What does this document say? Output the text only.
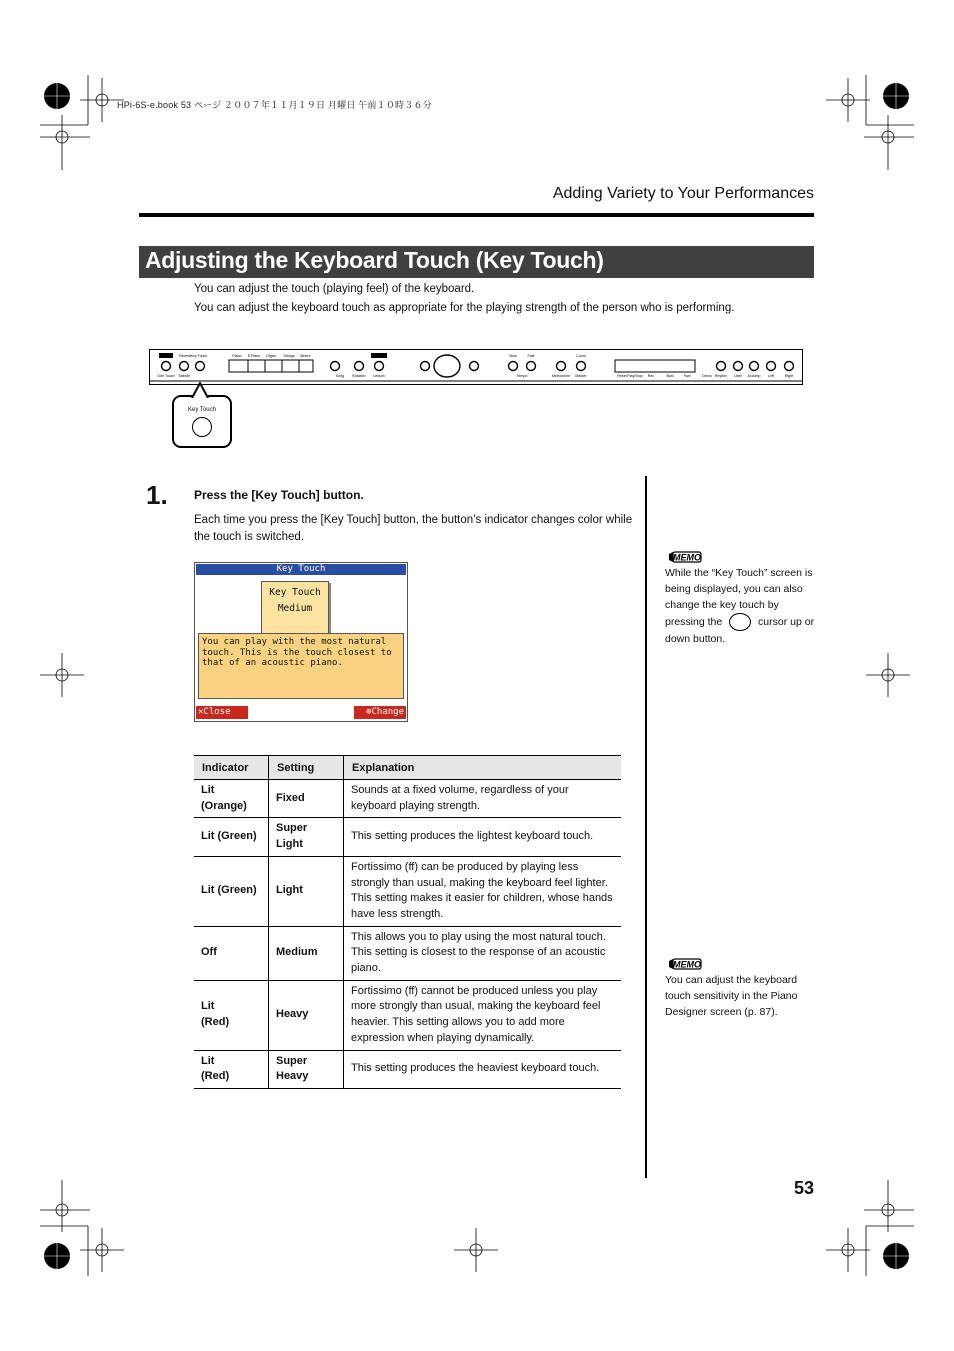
HPi-6S-e.book 53 ページ ２００７年１１月１９日 月曜日 午前１０時３６分
Adding Variety to Your Performances
Adjusting the Keyboard Touch (Key Touch)
You can adjust the touch (playing feel) of the keyboard.
You can adjust the keyboard touch as appropriate for the playing strength of the person who is performing.
Reverb Key Touch	Piano E.Piano Organ Strings Others	Slow	Fast	Count
One Touch Twinkle	Song Rotation Lesson	Tempo	Metronome Marker	Reset Play/Stop Rec	Bwd	Fwd	Rhythm User Accomp Left	Right
Demo
Key Touch
1. Press the [Key Touch] button.
Each time you press the [Key Touch] button, the button’s indicator changes color while the touch is switched.
Key Touch
Key Touch
Medium
You can play with the most natural touch. This is the touch closest to that of an acoustic piano.
✕Close	⊕Change
Indicator	Setting	Explanation
Lit
(Orange)	Fixed	Sounds at a fixed volume, regardless of your keyboard playing strength.
Lit (Green)	Super Light	This setting produces the lightest keyboard touch.
Lit (Green)	Light	Fortissimo (ff) can be produced by playing less strongly than usual, making the keyboard feel lighter. This setting makes it easier for children, whose hands have less strength.
Off	Medium	This allows you to play using the most natural touch. This setting is closest to the response of an acoustic piano.
Lit
(Red)	Heavy	Fortissimo (ff) cannot be produced unless you play more strongly than usual, making the keyboard feel heavier. This setting allows you to add more expression when playing dynamically.
Lit
(Red)	Super
Heavy	This setting produces the heaviest keyboard touch.
MEMO
While the “Key Touch” screen is being displayed, you can also change the key touch by pressing the	cursor up or down button.
MEMO
You can adjust the keyboard touch sensitivity in the Piano Designer screen (p. 87).
53
